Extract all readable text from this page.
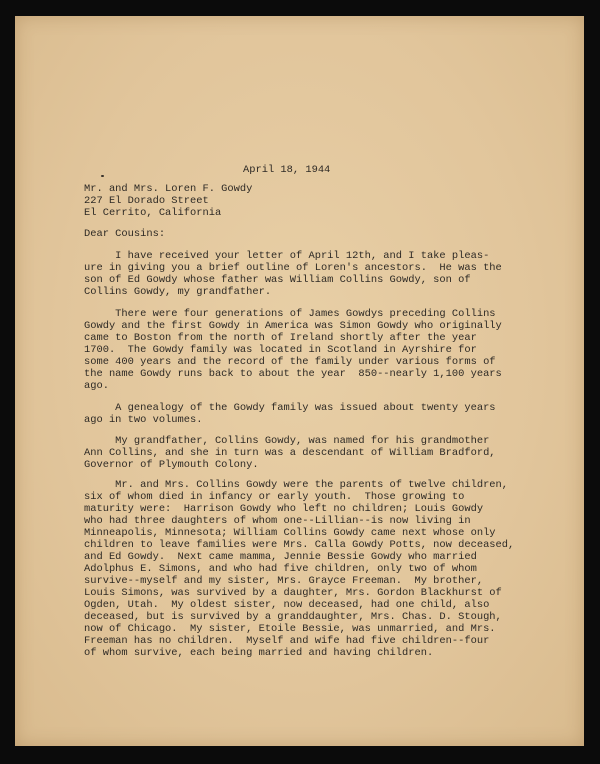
April 18, 1944

Mr. and Mrs. Loren F. Gowdy
227 El Dorado Street
El Cerrito, California

Dear Cousins:

I have received your letter of April 12th, and I take pleas-
ure in giving you a brief outline of Loren's ancestors.  He was the
son of Ed Gowdy whose father was William Collins Gowdy, son of
Collins Gowdy, my grandfather.

There were four generations of James Gowdys preceding Collins
Gowdy and the first Gowdy in America was Simon Gowdy who originally
came to Boston from the north of Ireland shortly after the year
1700.  The Gowdy family was located in Scotland in Ayrshire for
some 400 years and the record of the family under various forms of
the name Gowdy runs back to about the year  850--nearly 1,100 years
ago.

A genealogy of the Gowdy family was issued about twenty years
ago in two volumes.

My grandfather, Collins Gowdy, was named for his grandmother
Ann Collins, and she in turn was a descendant of William Bradford,
Governor of Plymouth Colony.

Mr. and Mrs. Collins Gowdy were the parents of twelve children,
six of whom died in infancy or early youth.  Those growing to
maturity were:  Harrison Gowdy who left no children; Louis Gowdy
who had three daughters of whom one--Lillian--is now living in
Minneapolis, Minnesota; William Collins Gowdy came next whose only
children to leave families were Mrs. Calla Gowdy Potts, now deceased,
and Ed Gowdy.  Next came mamma, Jennie Bessie Gowdy who married
Adolphus E. Simons, and who had five children, only two of whom
survive--myself and my sister, Mrs. Grayce Freeman.  My brother,
Louis Simons, was survived by a daughter, Mrs. Gordon Blackhurst of
Ogden, Utah.  My oldest sister, now deceased, had one child, also
deceased, but is survived by a granddaughter, Mrs. Chas. D. Stough,
now of Chicago.  My sister, Etoile Bessie, was unmarried, and Mrs.
Freeman has no children.  Myself and wife had five children--four
of whom survive, each being married and having children.
